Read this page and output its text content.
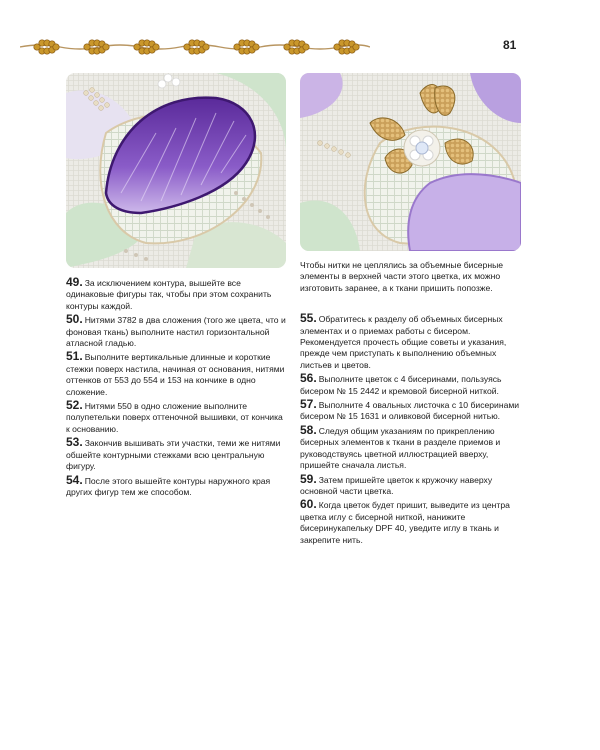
81

49. За исключением контура, вышейте все одинаковые фигуры так, чтобы при этом сохранить контуры каждой.

50. Нитями 3782 в два сложения (того же цвета, что и фоновая ткань) выполните настил горизонтальной атласной гладью.

51. Выполните вертикальные длинные и короткие стежки поверх настила, начиная от основания, нитями оттенков от 553 до 554 и 153 на кончике в одно сложение.

52. Нитями 550 в одно сложение выполните полупетельки поверх оттеночной вышивки, от кончика к основанию.

53. Закончив вышивать эти участки, теми же нитями обшейте контурными стежками всю центральную фигуру.

54. После этого вышейте контуры наружного края других фигур тем же способом.

Чтобы нитки не цеплялись за объемные бисерные элементы в верхней части этого цветка, их можно изготовить заранее, а к ткани пришить попозже.

55. Обратитесь к разделу об объемных бисерных элементах и о приемах работы с бисером. Рекомендуется прочесть общие советы и указания, прежде чем приступать к выполнению объемных листьев и цветов.

56. Выполните цветок с 4 бисеринами, пользуясь бисером № 15 2442 и кремовой бисерной ниткой.

57. Выполните 4 овальных листочка с 10 бисеринами бисером № 15 1631 и оливковой бисерной нитью.

58. Следуя общим указаниям по прикреплению бисерных элементов к ткани в разделе приемов и руководствуясь цветной иллюстрацией вверху, пришейте сначала листья.

59. Затем пришейте цветок к кружочку наверху основной части цветка.

60. Когда цветок будет пришит, выведите из центра цветка иглу с бисерной ниткой, нанижите бисеринукапельку DPF 40, уведите иглу в ткань и закрепите нить.
